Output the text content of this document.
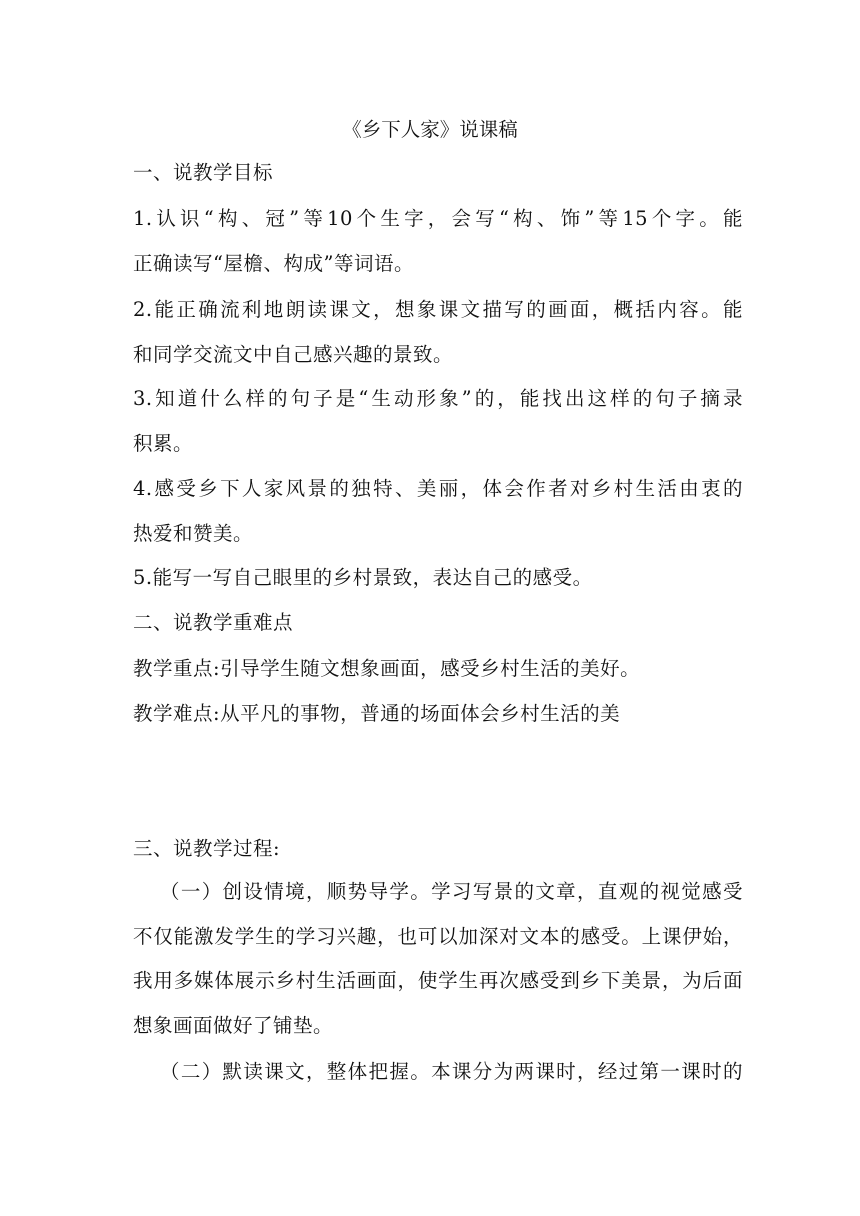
《乡下人家》说课稿
一、说教学目标
1.认识“构、冠”等10个生字，会写“构、饰”等15个字。能
正确读写“屋檐、构成”等词语。
2.能正确流利地朗读课文，想象课文描写的画面，概括内容。能
和同学交流文中自己感兴趣的景致。
3.知道什么样的句子是“生动形象”的，能找出这样的句子摘录
积累。
4.感受乡下人家风景的独特、美丽，体会作者对乡村生活由衷的
热爱和赞美。
5.能写一写自己眼里的乡村景致，表达自己的感受。
二、说教学重难点
教学重点:引导学生随文想象画面，感受乡村生活的美好。
教学难点:从平凡的事物，普通的场面体会乡村生活的美
三、说教学过程:
（一）创设情境，顺势导学。学习写景的文章，直观的视觉感受
不仅能激发学生的学习兴趣，也可以加深对文本的感受。上课伊始，
我用多媒体展示乡村生活画面，使学生再次感受到乡下美景，为后面
想象画面做好了铺垫。
（二）默读课文，整体把握。本课分为两课时，经过第一课时的
